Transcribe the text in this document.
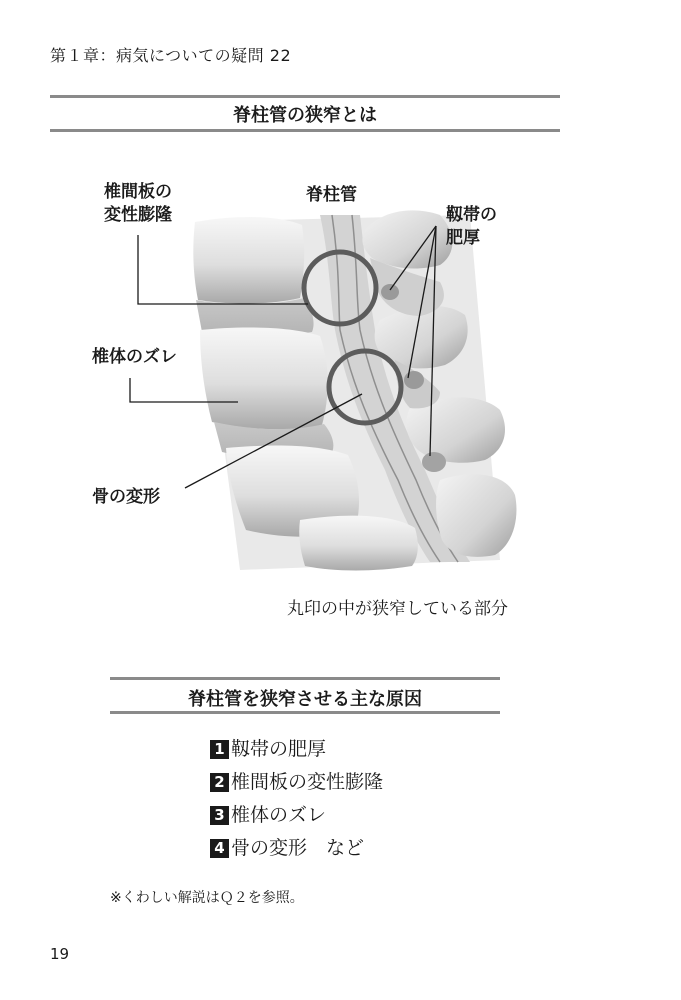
第１章：病気についての疑問 22
脊柱管の狭窄とは
椎間板の
変性膨隆
脊柱管
靱帯の
肥厚
椎体のズレ
骨の変形
丸印の中が狭窄している部分
脊柱管を狭窄させる主な原因
1 靱帯の肥厚
2 椎間板の変性膨隆
3 椎体のズレ
4 骨の変形　など
※くわしい解説はＱ２を参照。
19
